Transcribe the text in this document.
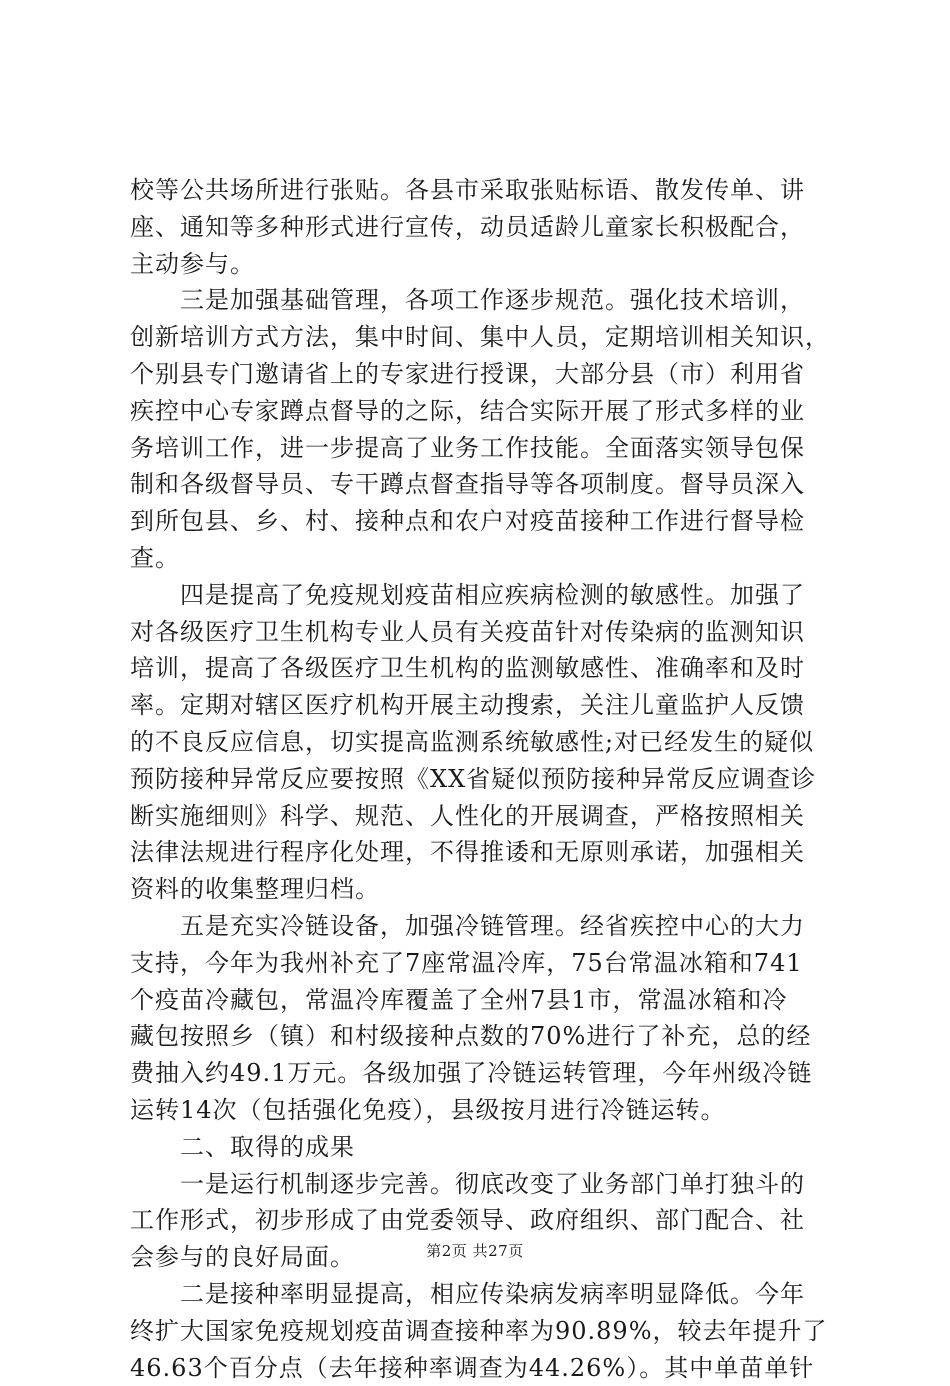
校等公共场所进行张贴。各县市采取张贴标语、散发传单、讲
座、通知等多种形式进行宣传，动员适龄儿童家长积极配合，
主动参与。
　　三是加强基础管理，各项工作逐步规范。强化技术培训，
创新培训方式方法，集中时间、集中人员，定期培训相关知识，
个别县专门邀请省上的专家进行授课，大部分县（市）利用省
疾控中心专家蹲点督导的之际，结合实际开展了形式多样的业
务培训工作，进一步提高了业务工作技能。全面落实领导包保
制和各级督导员、专干蹲点督查指导等各项制度。督导员深入
到所包县、乡、村、接种点和农户对疫苗接种工作进行督导检
查。
　　四是提高了免疫规划疫苗相应疾病检测的敏感性。加强了
对各级医疗卫生机构专业人员有关疫苗针对传染病的监测知识
培训，提高了各级医疗卫生机构的监测敏感性、准确率和及时
率。定期对辖区医疗机构开展主动搜索，关注儿童监护人反馈
的不良反应信息，切实提高监测系统敏感性;对已经发生的疑似
预防接种异常反应要按照《XX省疑似预防接种异常反应调查诊
断实施细则》科学、规范、人性化的开展调查，严格按照相关
法律法规进行程序化处理，不得推诿和无原则承诺，加强相关
资料的收集整理归档。
　　五是充实冷链设备，加强冷链管理。经省疾控中心的大力
支持，今年为我州补充了7座常温冷库，75台常温冰箱和741
个疫苗冷藏包，常温冷库覆盖了全州7县1市，常温冰箱和冷
藏包按照乡（镇）和村级接种点数的70%进行了补充，总的经
费抽入约49.1万元。各级加强了冷链运转管理，今年州级冷链
运转14次（包括强化免疫），县级按月进行冷链运转。
　　二、取得的成果
　　一是运行机制逐步完善。彻底改变了业务部门单打独斗的
工作形式，初步形成了由党委领导、政府组织、部门配合、社
会参与的良好局面。
　　二是接种率明显提高，相应传染病发病率明显降低。今年
终扩大国家免疫规划疫苗调查接种率为90.89%，较去年提升了
46.63个百分点（去年接种率调查为44.26%）。其中单苗单针
第2页 共27页
